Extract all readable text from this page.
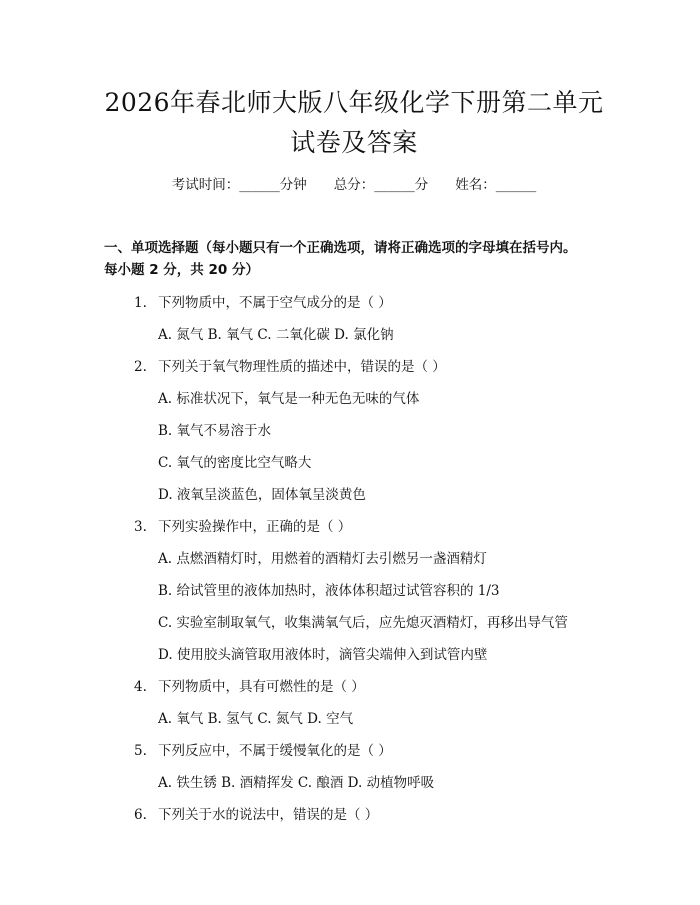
2026年春北师大版八年级化学下册第二单元
试卷及答案
考试时间：______分钟　　 总分：______分　　 姓名：______
一、单项选择题（每小题只有一个正确选项，请将正确选项的字母填在括号内。
每小题 2 分，共 20 分）
1. 下列物质中，不属于空气成分的是（ ）
A. 氮气 B. 氧气 C. 二氧化碳 D. 氯化钠
2. 下列关于氧气物理性质的描述中，错误的是（ ）
A. 标准状况下，氧气是一种无色无味的气体
B. 氧气不易溶于水
C. 氧气的密度比空气略大
D. 液氧呈淡蓝色，固体氧呈淡黄色
3. 下列实验操作中，正确的是（ ）
A. 点燃酒精灯时，用燃着的酒精灯去引燃另一盏酒精灯
B. 给试管里的液体加热时，液体体积超过试管容积的 1/3
C. 实验室制取氧气，收集满氧气后，应先熄灭酒精灯，再移出导气管
D. 使用胶头滴管取用液体时，滴管尖端伸入到试管内壁
4. 下列物质中，具有可燃性的是（ ）
A. 氧气 B. 氢气 C. 氮气 D. 空气
5. 下列反应中，不属于缓慢氧化的是（ ）
A. 铁生锈 B. 酒精挥发 C. 酿酒 D. 动植物呼吸
6. 下列关于水的说法中，错误的是（ ）
